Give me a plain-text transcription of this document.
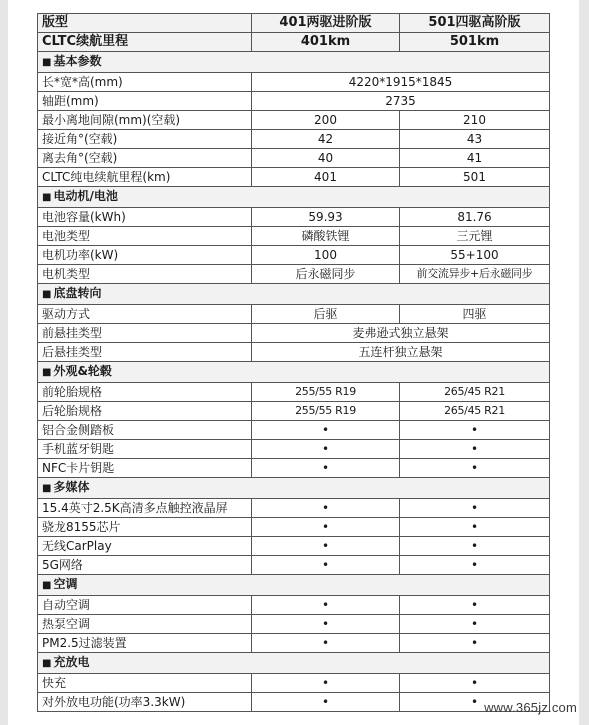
版型	401两驱进阶版	501四驱高阶版
CLTC续航里程	401km	501km
■ 基本参数
长*宽*高(mm)	4220*1915*1845	
轴距(mm)	2735	
最小离地间隙(mm)(空载)	200	210
接近角°(空载)	42	43
离去角°(空载)	40	41
CLTC纯电续航里程(km)	401	501
■ 电动机/电池
电池容量(kWh)	59.93	81.76
电池类型	磷酸铁锂	三元锂
电机功率(kW)	100	55+100
电机类型	后永磁同步	前交流异步+后永磁同步
■ 底盘转向
驱动方式	后驱	四驱
前悬挂类型	麦弗逊式独立悬架	
后悬挂类型	五连杆独立悬架	
■ 外观&轮毂
前轮胎规格	255/55 R19	265/45 R21
后轮胎规格	255/55 R19	265/45 R21
铝合金侧踏板	•	•
手机蓝牙钥匙	•	•
NFC卡片钥匙	•	•
■ 多媒体
15.4英寸2.5K高清多点触控液晶屏	•	•
骁龙8155芯片	•	•
无线CarPlay	•	•
5G网络	•	•
■ 空调
自动空调	•	•
热泵空调	•	•
PM2.5过滤装置	•	•
■ 充放电
快充	•	•
对外放电功能(功率3.3kW)	•	• www.365jz.com
